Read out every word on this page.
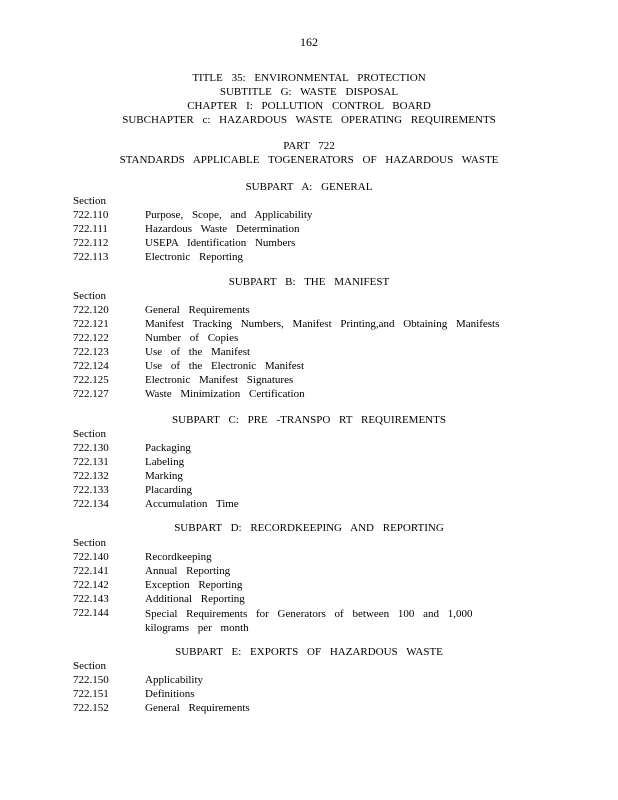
162
TITLE 35: ENVIRONMENTAL PROTECTION
SUBTITLE G: WASTE DISPOSAL
CHAPTER I: POLLUTION CONTROL BOARD
SUBCHAPTER c: HAZARDOUS WASTE OPERATING REQUIREMENTS
PART 722
STANDARDS APPLICABLE TOGENERATORS OF HAZARDOUS WASTE
SUBPART A: GENERAL
Section
722.110	Purpose, Scope, and Applicability
722.111	Hazardous Waste Determination
722.112	USEPA Identification Numbers
722.113	Electronic Reporting
SUBPART B: THE MANIFEST
Section
722.120	General Requirements
722.121	Manifest Tracking Numbers, Manifest Printing,and Obtaining Manifests
722.122	Number of Copies
722.123	Use of the Manifest
722.124	Use of the Electronic Manifest
722.125	Electronic Manifest Signatures
722.127	Waste Minimization Certification
SUBPART C: PRE -TRANSPO RT REQUIREMENTS
Section
722.130	Packaging
722.131	Labeling
722.132	Marking
722.133	Placarding
722.134	Accumulation Time
SUBPART D: RECORDKEEPING AND REPORTING
Section
722.140	Recordkeeping
722.141	Annual Reporting
722.142	Exception Reporting
722.143	Additional Reporting
722.144	Special Requirements for Generators of between 100 and 1,000 kilograms per month
SUBPART E: EXPORTS OF HAZARDOUS WASTE
Section
722.150	Applicability
722.151	Definitions
722.152	General Requirements
